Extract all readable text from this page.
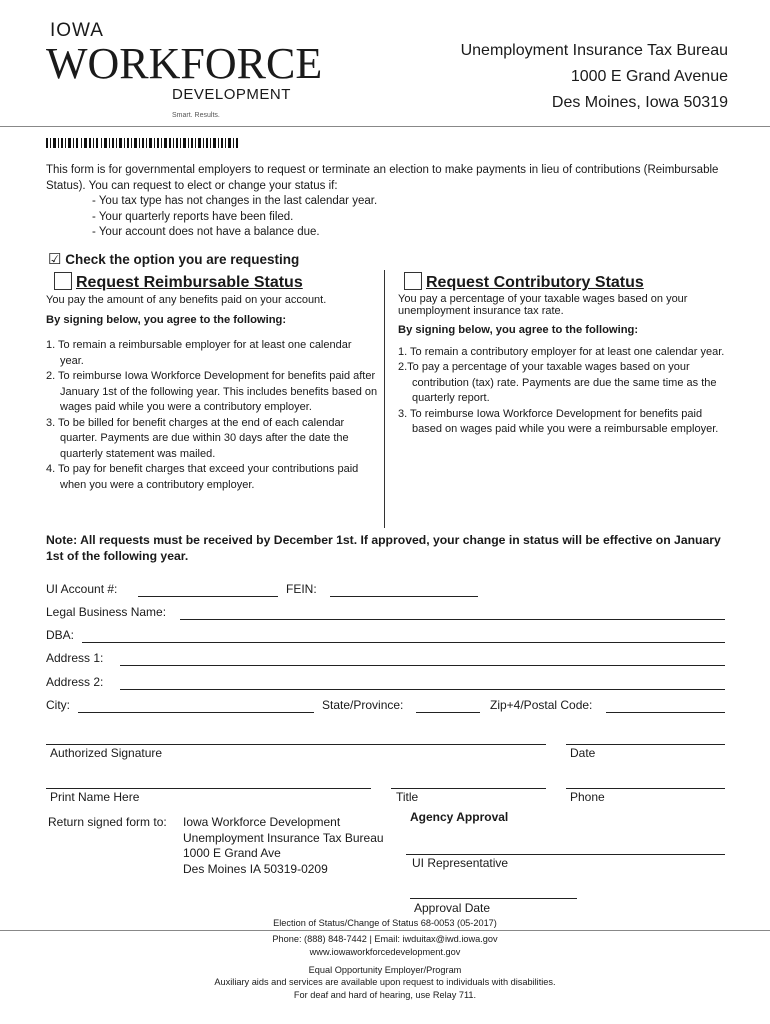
IOWA
WORKFORCE
DEVELOPMENT
Smart. Results.
Unemployment Insurance Tax Bureau
1000 E Grand Avenue
Des Moines, Iowa 50319
This form is for governmental employers to request or terminate an election to make payments in lieu of contributions (Reimbursable Status). You can request to elect or change your status if:
- You tax type has not changes in the last calendar year.
- Your quarterly reports have been filed.
- Your account does not have a balance due.
☑ Check the option you are requesting
Request Reimbursable Status
You pay the amount of any benefits paid on your account.
By signing below, you agree to the following:
1. To remain a reimbursable employer for at least one calendar year.
2. To reimburse Iowa Workforce Development for benefits paid after January 1st of the following year. This includes benefits based on wages paid while you were a contributory employer.
3. To be billed for benefit charges at the end of each calendar quarter. Payments are due within 30 days after the date the quarterly statement was mailed.
4. To pay for benefit charges that exceed your contributions paid when you were a contributory employer.
Request Contributory Status
You pay a percentage of your taxable wages based on your unemployment insurance tax rate.
By signing below, you agree to the following:
1. To remain a contributory employer for at least one calendar year.
2.To pay a percentage of your taxable wages based on your contribution (tax) rate. Payments are due the same time as the quarterly report.
3. To reimburse Iowa Workforce Development for benefits paid based on wages paid while you were a reimbursable employer.
Note: All requests must be received by December 1st. If approved, your change in status will be effective on January 1st of the following year.
UI Account #:	FEIN:
Legal Business Name:
DBA:
Address 1:
Address 2:
City:	State/Province:	Zip+4/Postal Code:
Authorized Signature	Date
Print Name Here	Title	Phone
Return signed form to: Iowa Workforce Development
Unemployment Insurance Tax Bureau
1000 E Grand Ave
Des Moines IA 50319-0209
Agency Approval
UI Representative
Approval Date
Election of Status/Change of Status 68-0053 (05-2017)
Phone: (888) 848-7442 | Email: iwduitax@iwd.iowa.gov
www.iowaworkforcedevelopment.gov
Equal Opportunity Employer/Program
Auxiliary aids and services are available upon request to individuals with disabilities.
For deaf and hard of hearing, use Relay 711.
